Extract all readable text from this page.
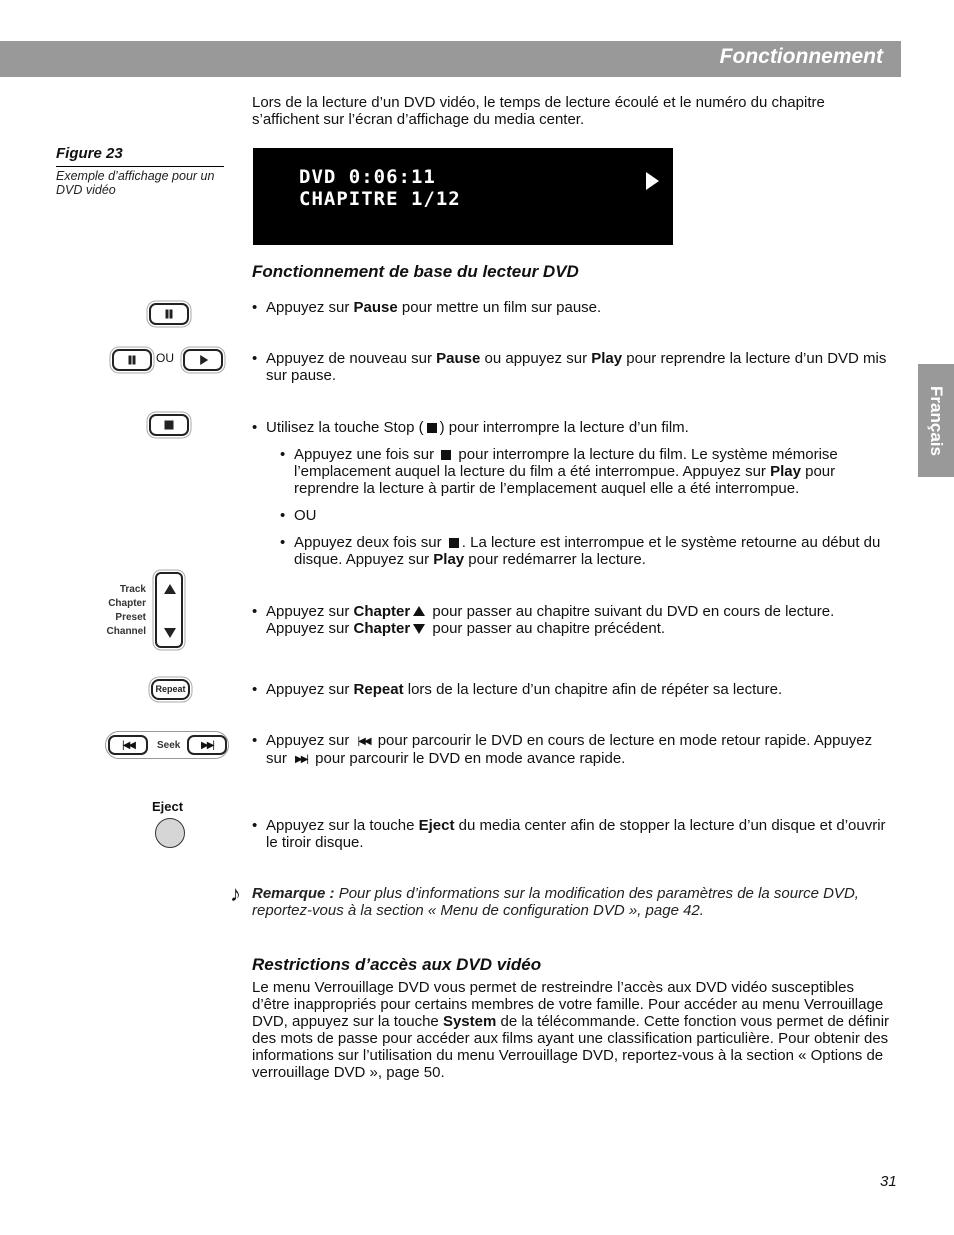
Fonctionnement
Français
Lors de la lecture d’un DVD vidéo, le temps de lecture écoulé et le numéro du chapitre s’affichent sur l’écran d’affichage du media center.
Figure 23
Exemple d’affichage pour un DVD vidéo
DVD 0:06:11
CHAPITRE 1/12
Fonctionnement de base du lecteur DVD
• Appuyez sur Pause pour mettre un film sur pause.
OU	• Appuyez de nouveau sur Pause ou appuyez sur Play pour reprendre la lecture d’un DVD mis sur pause.
• Utilisez la touche Stop ( ) pour interrompre la lecture d’un film.
• Appuyez une fois sur  pour interrompre la lecture du film. Le système mémorise l’emplacement auquel la lecture du film a été interrompue. Appuyez sur Play pour reprendre la lecture à partir de l’emplacement auquel elle a été interrompue.
• OU
• Appuyez deux fois sur . La lecture est interrompue et le système retourne au début du disque. Appuyez sur Play pour redémarrer la lecture.
Track
Chapter
Preset
Channel
• Appuyez sur Chapter pour passer au chapitre suivant du DVD en cours de lecture.
Appuyez sur Chapter pour passer au chapitre précédent.
Repeat	• Appuyez sur Repeat lors de la lecture d’un chapitre afin de répéter sa lecture.
|◀◀	Seek	▶▶|	• Appuyez sur |◀◀ pour parcourir le DVD en cours de lecture en mode retour rapide. Appuyez sur ▶▶| pour parcourir le DVD en mode avance rapide.
Eject
• Appuyez sur la touche Eject du media center afin de stopper la lecture d’un disque et d’ouvrir le tiroir disque.
♪ Remarque : Pour plus d’informations sur la modification des paramètres de la source DVD, reportez-vous à la section « Menu de configuration DVD », page 42.
Restrictions d’accès aux DVD vidéo
Le menu Verrouillage DVD vous permet de restreindre l’accès aux DVD vidéo susceptibles d’être inappropriés pour certains membres de votre famille. Pour accéder au menu Verrouillage DVD, appuyez sur la touche System de la télécommande. Cette fonction vous permet de définir des mots de passe pour accéder aux films ayant une classification particulière. Pour obtenir des informations sur l’utilisation du menu Verrouillage DVD, reportez-vous à la section « Options de verrouillage DVD », page 50.
31
